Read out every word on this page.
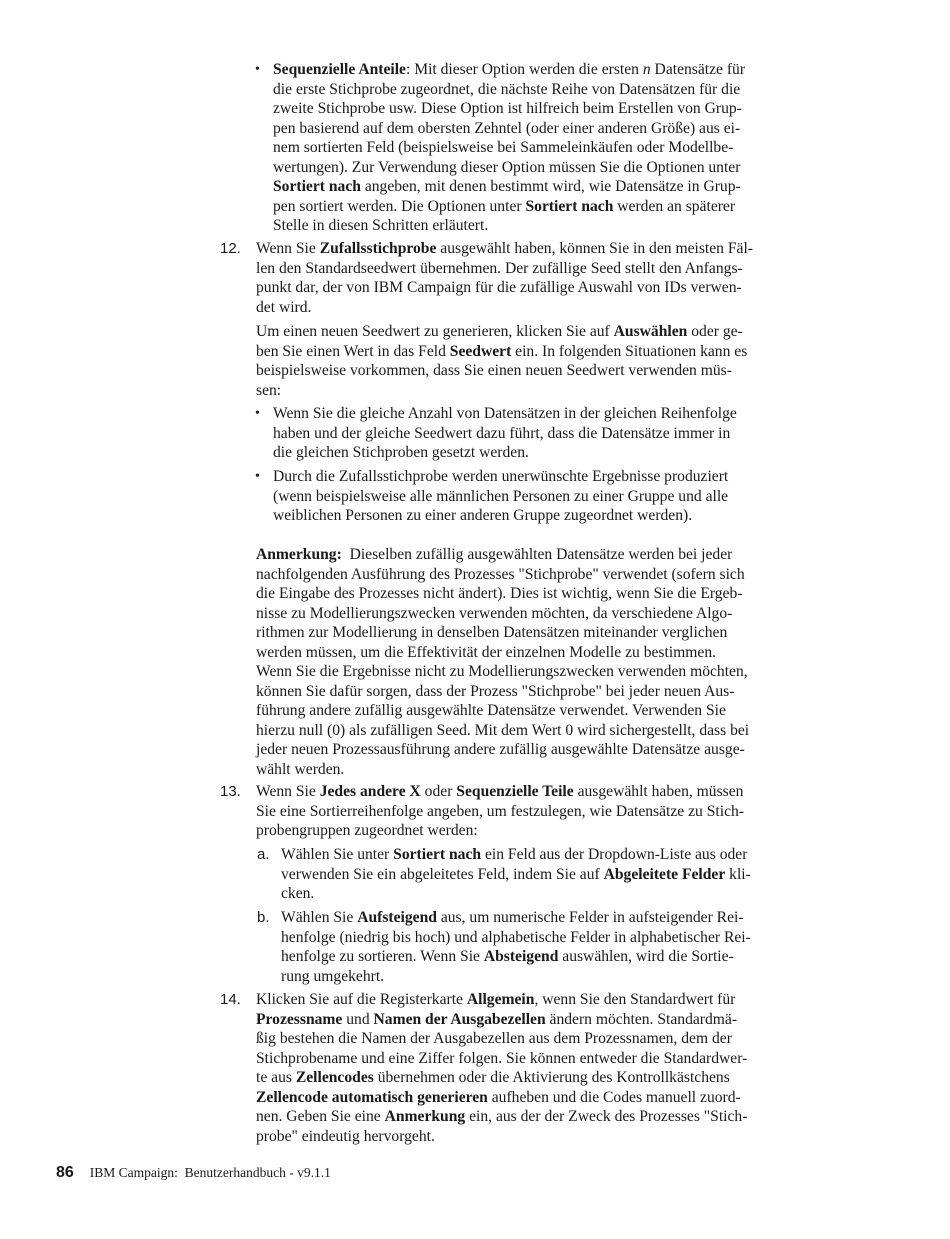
• Sequenzielle Anteile: Mit dieser Option werden die ersten n Datensätze für
die erste Stichprobe zugeordnet, die nächste Reihe von Datensätzen für die
zweite Stichprobe usw. Diese Option ist hilfreich beim Erstellen von Grup-
pen basierend auf dem obersten Zehntel (oder einer anderen Größe) aus ei-
nem sortierten Feld (beispielsweise bei Sammeleinkäufen oder Modellbe-
wertungen). Zur Verwendung dieser Option müssen Sie die Optionen unter
Sortiert nach angeben, mit denen bestimmt wird, wie Datensätze in Grup-
pen sortiert werden. Die Optionen unter Sortiert nach werden an späterer
Stelle in diesen Schritten erläutert.
12. Wenn Sie Zufallsstichprobe ausgewählt haben, können Sie in den meisten Fäl-
len den Standardseedwert übernehmen. Der zufällige Seed stellt den Anfangs-
punkt dar, der von IBM Campaign für die zufällige Auswahl von IDs verwen-
det wird.
Um einen neuen Seedwert zu generieren, klicken Sie auf Auswählen oder ge-
ben Sie einen Wert in das Feld Seedwert ein. In folgenden Situationen kann es
beispielsweise vorkommen, dass Sie einen neuen Seedwert verwenden müs-
sen:
• Wenn Sie die gleiche Anzahl von Datensätzen in der gleichen Reihenfolge
haben und der gleiche Seedwert dazu führt, dass die Datensätze immer in
die gleichen Stichproben gesetzt werden.
• Durch die Zufallsstichprobe werden unerwünschte Ergebnisse produziert
(wenn beispielsweise alle männlichen Personen zu einer Gruppe und alle
weiblichen Personen zu einer anderen Gruppe zugeordnet werden).
Anmerkung:  Dieselben zufällig ausgewählten Datensätze werden bei jeder
nachfolgenden Ausführung des Prozesses "Stichprobe" verwendet (sofern sich
die Eingabe des Prozesses nicht ändert). Dies ist wichtig, wenn Sie die Ergeb-
nisse zu Modellierungszwecken verwenden möchten, da verschiedene Algo-
rithmen zur Modellierung in denselben Datensätzen miteinander verglichen
werden müssen, um die Effektivität der einzelnen Modelle zu bestimmen.
Wenn Sie die Ergebnisse nicht zu Modellierungszwecken verwenden möchten,
können Sie dafür sorgen, dass der Prozess "Stichprobe" bei jeder neuen Aus-
führung andere zufällig ausgewählte Datensätze verwendet. Verwenden Sie
hierzu null (0) als zufälligen Seed. Mit dem Wert 0 wird sichergestellt, dass bei
jeder neuen Prozessausführung andere zufällig ausgewählte Datensätze ausge-
wählt werden.
13. Wenn Sie Jedes andere X oder Sequenzielle Teile ausgewählt haben, müssen
Sie eine Sortierreihenfolge angeben, um festzulegen, wie Datensätze zu Stich-
probengruppen zugeordnet werden:
a. Wählen Sie unter Sortiert nach ein Feld aus der Dropdown-Liste aus oder
verwenden Sie ein abgeleitetes Feld, indem Sie auf Abgeleitete Felder kli-
cken.
b. Wählen Sie Aufsteigend aus, um numerische Felder in aufsteigender Rei-
henfolge (niedrig bis hoch) und alphabetische Felder in alphabetischer Rei-
henfolge zu sortieren. Wenn Sie Absteigend auswählen, wird die Sortie-
rung umgekehrt.
14. Klicken Sie auf die Registerkarte Allgemein, wenn Sie den Standardwert für
Prozessname und Namen der Ausgabezellen ändern möchten. Standardmä-
ßig bestehen die Namen der Ausgabezellen aus dem Prozessnamen, dem der
Stichprobename und eine Ziffer folgen. Sie können entweder die Standardwer-
te aus Zellencodes übernehmen oder die Aktivierung des Kontrollkästchens
Zellencode automatisch generieren aufheben und die Codes manuell zuord-
nen. Geben Sie eine Anmerkung ein, aus der der Zweck des Prozesses "Stich-
probe" eindeutig hervorgeht.
86 IBM Campaign:  Benutzerhandbuch - v9.1.1
